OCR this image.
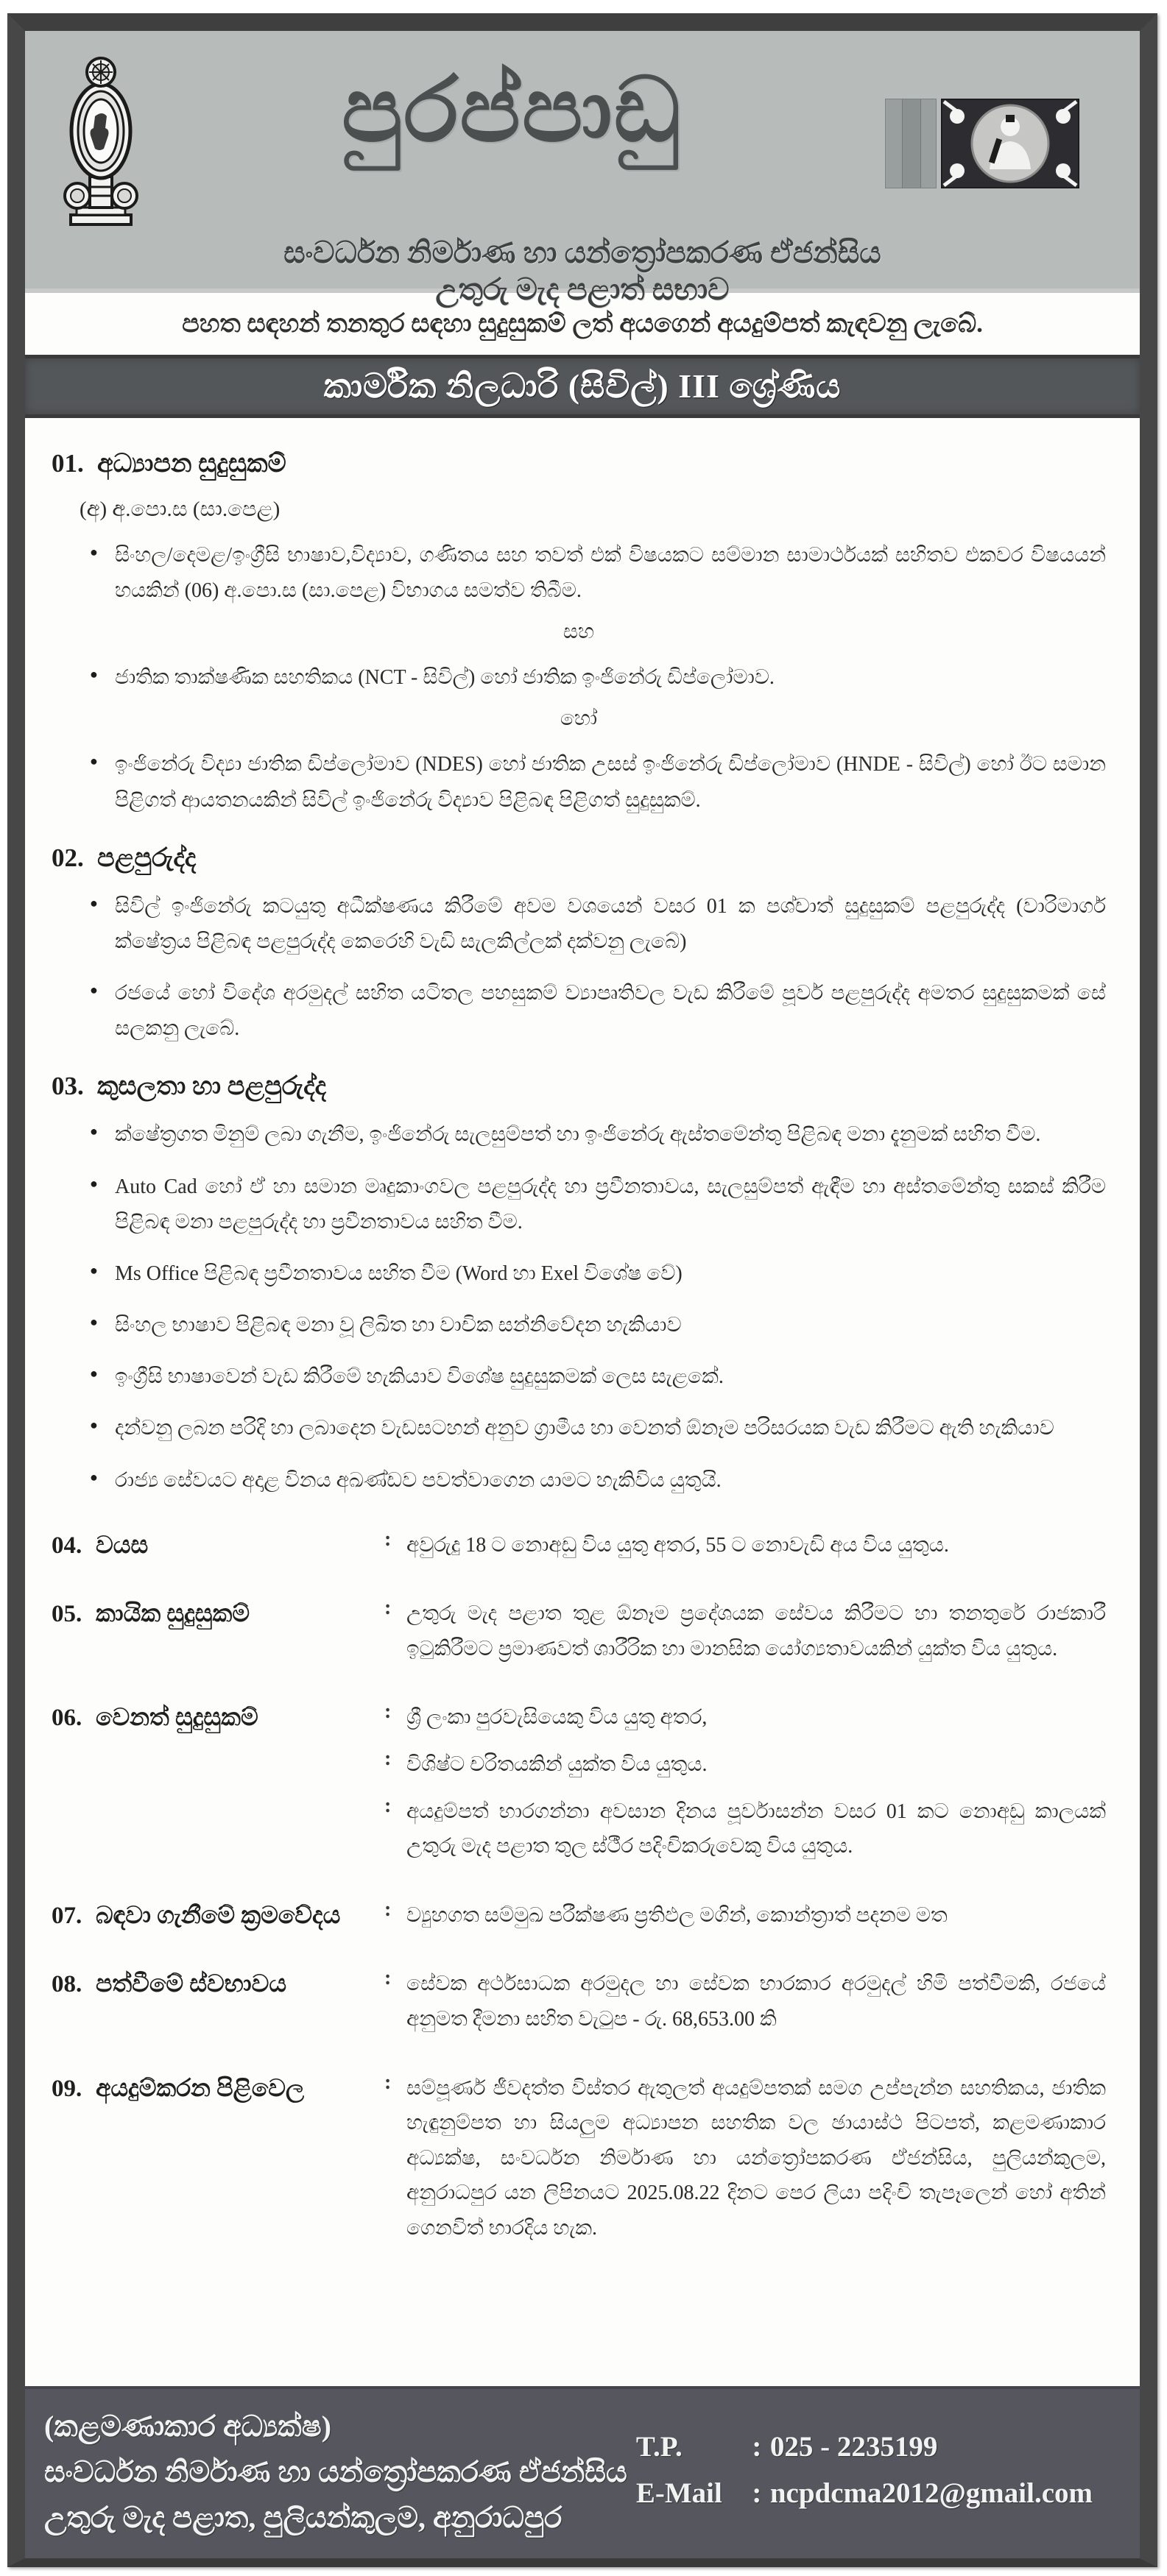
පුරප්පාඩු
සංවර්ධන නිර්මාණ හා යන්ත්‍රෝපකරණ ඒජන්සිය
උතුරු මැද පළාත් සභාව
පහත සඳහන් තනතුර සඳහා සුදුසුකම් ලත් අයගෙන් අයදුම්පත් කැඳවනු ලැබේ.
කාර්මික නිලධාරි (සිවිල්) III ශ්‍රේණිය
01. අධ්‍යාපන සුදුසුකම්
(අ) අ.පො.ස (සා.පෙළ)
● සිංහල/දෙමළ/ඉංග්‍රීසි භාෂාව,විද්‍යාව, ගණිතය සහ තවත් එක් විෂයකට සම්මාන සාමාර්ථයක් සහිතව එකවර විෂයයන් හයකින් (06) අ.පො.ස (සා.පෙළ) විභාගය සමත්ව තිබීම.

සහ
● ජාතික තාක්ෂණික සහතිකය (NCT - සිවිල්) හෝ ජාතික ඉංජිනේරු ඩිප්ලෝමාව.

හෝ
● ඉංජිනේරු විද්‍යා ජාතික ඩිප්ලෝමාව (NDES) හෝ ජාතික උසස් ඉංජිනේරු ඩිප්ලෝමාව (HNDE - සිවිල්) හෝ ඊට සමාන පිළිගත් ආයතනයකින් සිවිල් ඉංජිනේරු විද්‍යාව පිළිබඳ පිළිගත් සුදුසුකම්.

02. පළපුරුද්ද
● සිවිල් ඉංජිනේරු කටයුතු අධීක්ෂණය කිරීමේ අවම වශයෙන් වසර 01 ක පශ්චාත් සුදුසුකම් පළපුරුද්ද (වාරිමාර්ග ක්ෂේත්‍රය පිළිබඳ පළපුරුද්ද කෙරෙහි වැඩි සැලකිල්ලක් දක්වනු ලැබේ)

● රජයේ හෝ විදේශ අරමුදල් සහිත යටිතල පහසුකම් ව්‍යාපෘතිවල වැඩ කිරීමේ පූර්ව පළපුරුද්ද අමතර සුදුසුකමක් සේ සලකනු ලැබේ.

03. කුසලතා හා පළපුරුද්ද
● ක්ෂේත්‍රගත මිනුම් ලබා ගැනීම, ඉංජිනේරු සැලසුම්පත් හා ඉංජිනේරු ඇස්තමේන්තු පිළිබඳ මනා දැනුමක් සහිත වීම.

● Auto Cad හෝ ඒ හා සමාන මෘදුකාංගවල පළපුරුද්ද හා ප්‍රවීනතාවය, සැලසුම්පත් ඇඳීම හා අස්තමේන්තු සකස් කිරීම පිළිබඳ මනා පළපුරුද්ද හා ප්‍රවීනතාවය සහිත වීම.

● Ms Office පිළිබඳ ප්‍රවීනතාවය සහිත වීම (Word හා Exel විශේෂ වේ)

● සිංහල භාෂාව පිළිබඳ මනා වූ ලිඛිත හා වාචික සන්නිවේදන හැකියාව

● ඉංග්‍රීසි භාෂාවෙන් වැඩ කිරීමේ හැකියාව විශේෂ සුදුසුකමක් ලෙස සැළකේ.

● දන්වනු ලබන පරිදි හා ලබාදෙන වැඩසටහන් අනුව ග්‍රාමීය හා වෙනත් ඕනෑම පරිසරයක වැඩ කිරීමට ඇති හැකියාව

● රාජ්‍ය සේවයට අදාළ විනය අඛණ්ඩව පවත්වාගෙන යාමට හැකිවිය යුතුයි.

04. වයස	: අවුරුදු 18 ට නොඅඩු විය යුතු අතර, 55 ට නොවැඩි අය විය යුතුය.

05. කායික සුදුසුකම්	: උතුරු මැද පළාත තුළ ඕනෑම ප්‍රදේශයක සේවය කිරීමට හා තනතුරේ රාජකාරී ඉටුකිරීමට ප්‍රමාණවත් ශාරීරික හා මානසික යෝග්‍යතාවයකින් යුක්ත විය යුතුය.

06. වෙනත් සුදුසුකම්	: ශ්‍රී ලංකා පුරවැසියෙකු විය යුතු අතර,

: විශිෂ්ට චරිතයකින් යුක්ත විය යුතුය.

: අයදුම්පත් භාරගන්නා අවසාන දිනය පූර්වාසන්න වසර 01 කට නොඅඩු කාලයක් උතුරු මැද පළාත තුල ස්ථීර පදිංචිකරුවෙකු විය යුතුය.

07. බඳවා ගැනීමේ ක්‍රමවේදය	: ව්‍යුහගත සම්මුඛ පරීක්ෂණ ප්‍රතිඵල මගින්, කොන්ත්‍රාත් පදනම මත

08. පත්වීමේ ස්වභාවය	: සේවක අර්ථසාධක අරමුදල හා සේවක භාරකාර අරමුදල් හිමි පත්වීමකි, රජයේ අනුමත දීමනා සහිත වැටුප - රු. 68,653.00 කි

09. අයදුම්කරන පිළිවෙල	: සම්පූර්ණ ජීවදත්ත විස්තර ඇතුලත් අයදුම්පතක් සමග උප්පැන්න සහතිකය, ජාතික හැඳුනුම්පත හා සියලුම අධ්‍යාපන සහතික වල ඡායාස්ථ පිටපත්, කළමණාකාර අධ්‍යක්ෂ, සංවර්ධන නිර්මාණ හා යන්ත්‍රෝපකරණ ඒජන්සිය, පුලියන්කුලම, අනුරාධපුර යන ලිපිනයට 2025.08.22 දිනට පෙර ලියා පදිංචි තැපෑලෙන් හෝ අතින් ගෙනවිත් භාරදිය හැක.

(කළමණාකාර අධ්‍යක්ෂ)
සංවර්ධන නිර්මාණ හා යන්ත්‍රෝපකරණ ඒජන්සිය
උතුරු මැද පළාත, පුලියන්කුලම, අනුරාධපුර
T.P.	: 025 - 2235199
E-Mail	: ncpdcma2012@gmail.com
